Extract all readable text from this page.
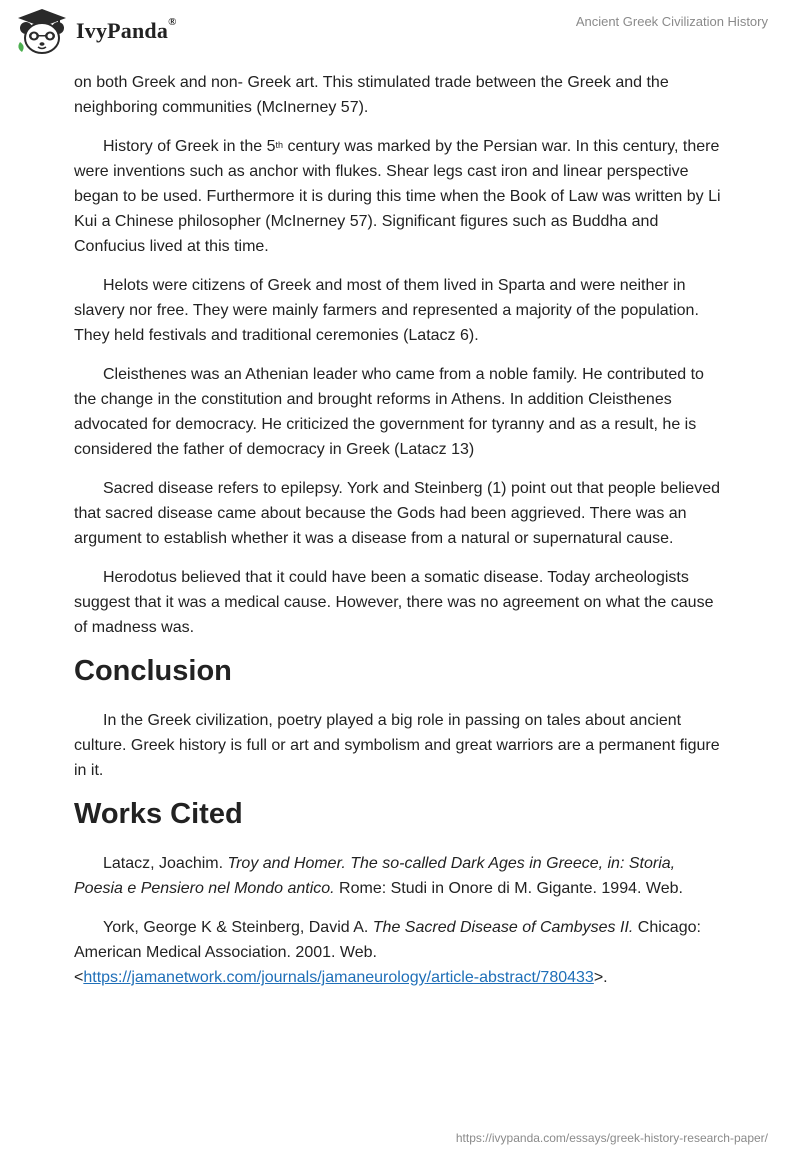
IvyPanda®	Ancient Greek Civilization History

on both Greek and non- Greek art. This stimulated trade between the Greek and the neighboring communities (McInerney 57).

History of Greek in the 5th century was marked by the Persian war. In this century, there were inventions such as anchor with flukes. Shear legs cast iron and linear perspective began to be used. Furthermore it is during this time when the Book of Law was written by Li Kui a Chinese philosopher (McInerney 57). Significant figures such as Buddha and Confucius lived at this time.

Helots were citizens of Greek and most of them lived in Sparta and were neither in slavery nor free. They were mainly farmers and represented a majority of the population. They held festivals and traditional ceremonies (Latacz 6).

Cleisthenes was an Athenian leader who came from a noble family. He contributed to the change in the constitution and brought reforms in Athens. In addition Cleisthenes advocated for democracy. He criticized the government for tyranny and as a result, he is considered the father of democracy in Greek (Latacz 13)

Sacred disease refers to epilepsy. York and Steinberg (1) point out that people believed that sacred disease came about because the Gods had been aggrieved. There was an argument to establish whether it was a disease from a natural or supernatural cause.

Herodotus believed that it could have been a somatic disease. Today archeologists suggest that it was a medical cause. However, there was no agreement on what the cause of madness was.

Conclusion

In the Greek civilization, poetry played a big role in passing on tales about ancient culture. Greek history is full or art and symbolism and great warriors are a permanent figure in it.

Works Cited

Latacz, Joachim. Troy and Homer. The so-called Dark Ages in Greece, in: Storia, Poesia e Pensiero nel Mondo antico. Rome: Studi in Onore di M. Gigante. 1994. Web.

York, George K & Steinberg, David A. The Sacred Disease of Cambyses II. Chicago: American Medical Association. 2001. Web.
<https://jamanetwork.com/journals/jamaneurology/article-abstract/780433>.

https://ivypanda.com/essays/greek-history-research-paper/
